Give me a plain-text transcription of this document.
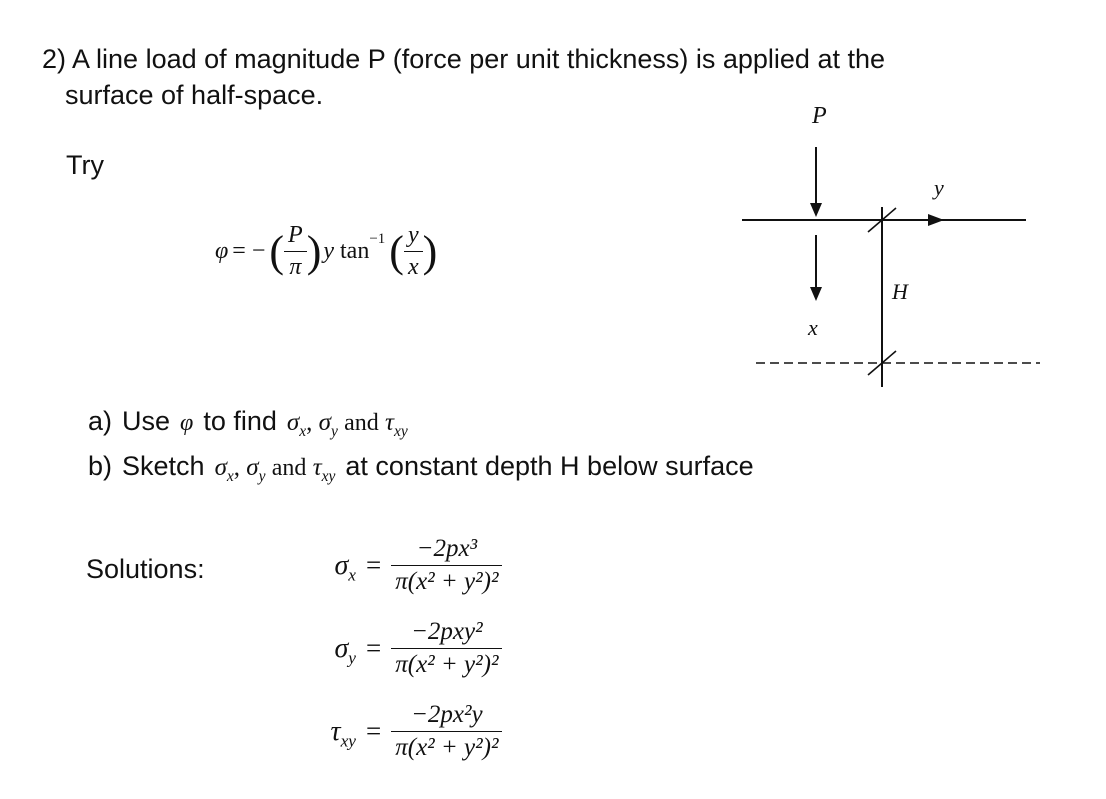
2) A line load of magnitude P (force per unit thickness) is applied at the
surface of half-space.
Try
φ = − ( $\frac{P}{\pi}$ ) y tan −1 ( $\frac{y}{x}$ )
P
y
x
H
a) Use φ to find $\sigma_x$, $\sigma_y$ and $\tau_{xy}$
b) Sketch $\sigma_x$, $\sigma_y$ and $\tau_{xy}$ at constant depth H below surface
Solutions:	$\sigma_x = \frac{\text{−2px³}}{\text{π(x² + y²)²}}$
$\sigma_y = \frac{\text{−2pxy²}}{\text{π(x² + y²)²}}$
$\tau_{xy} = \frac{\text{−2px²y}}{\text{π(x² + y²)²}}$
